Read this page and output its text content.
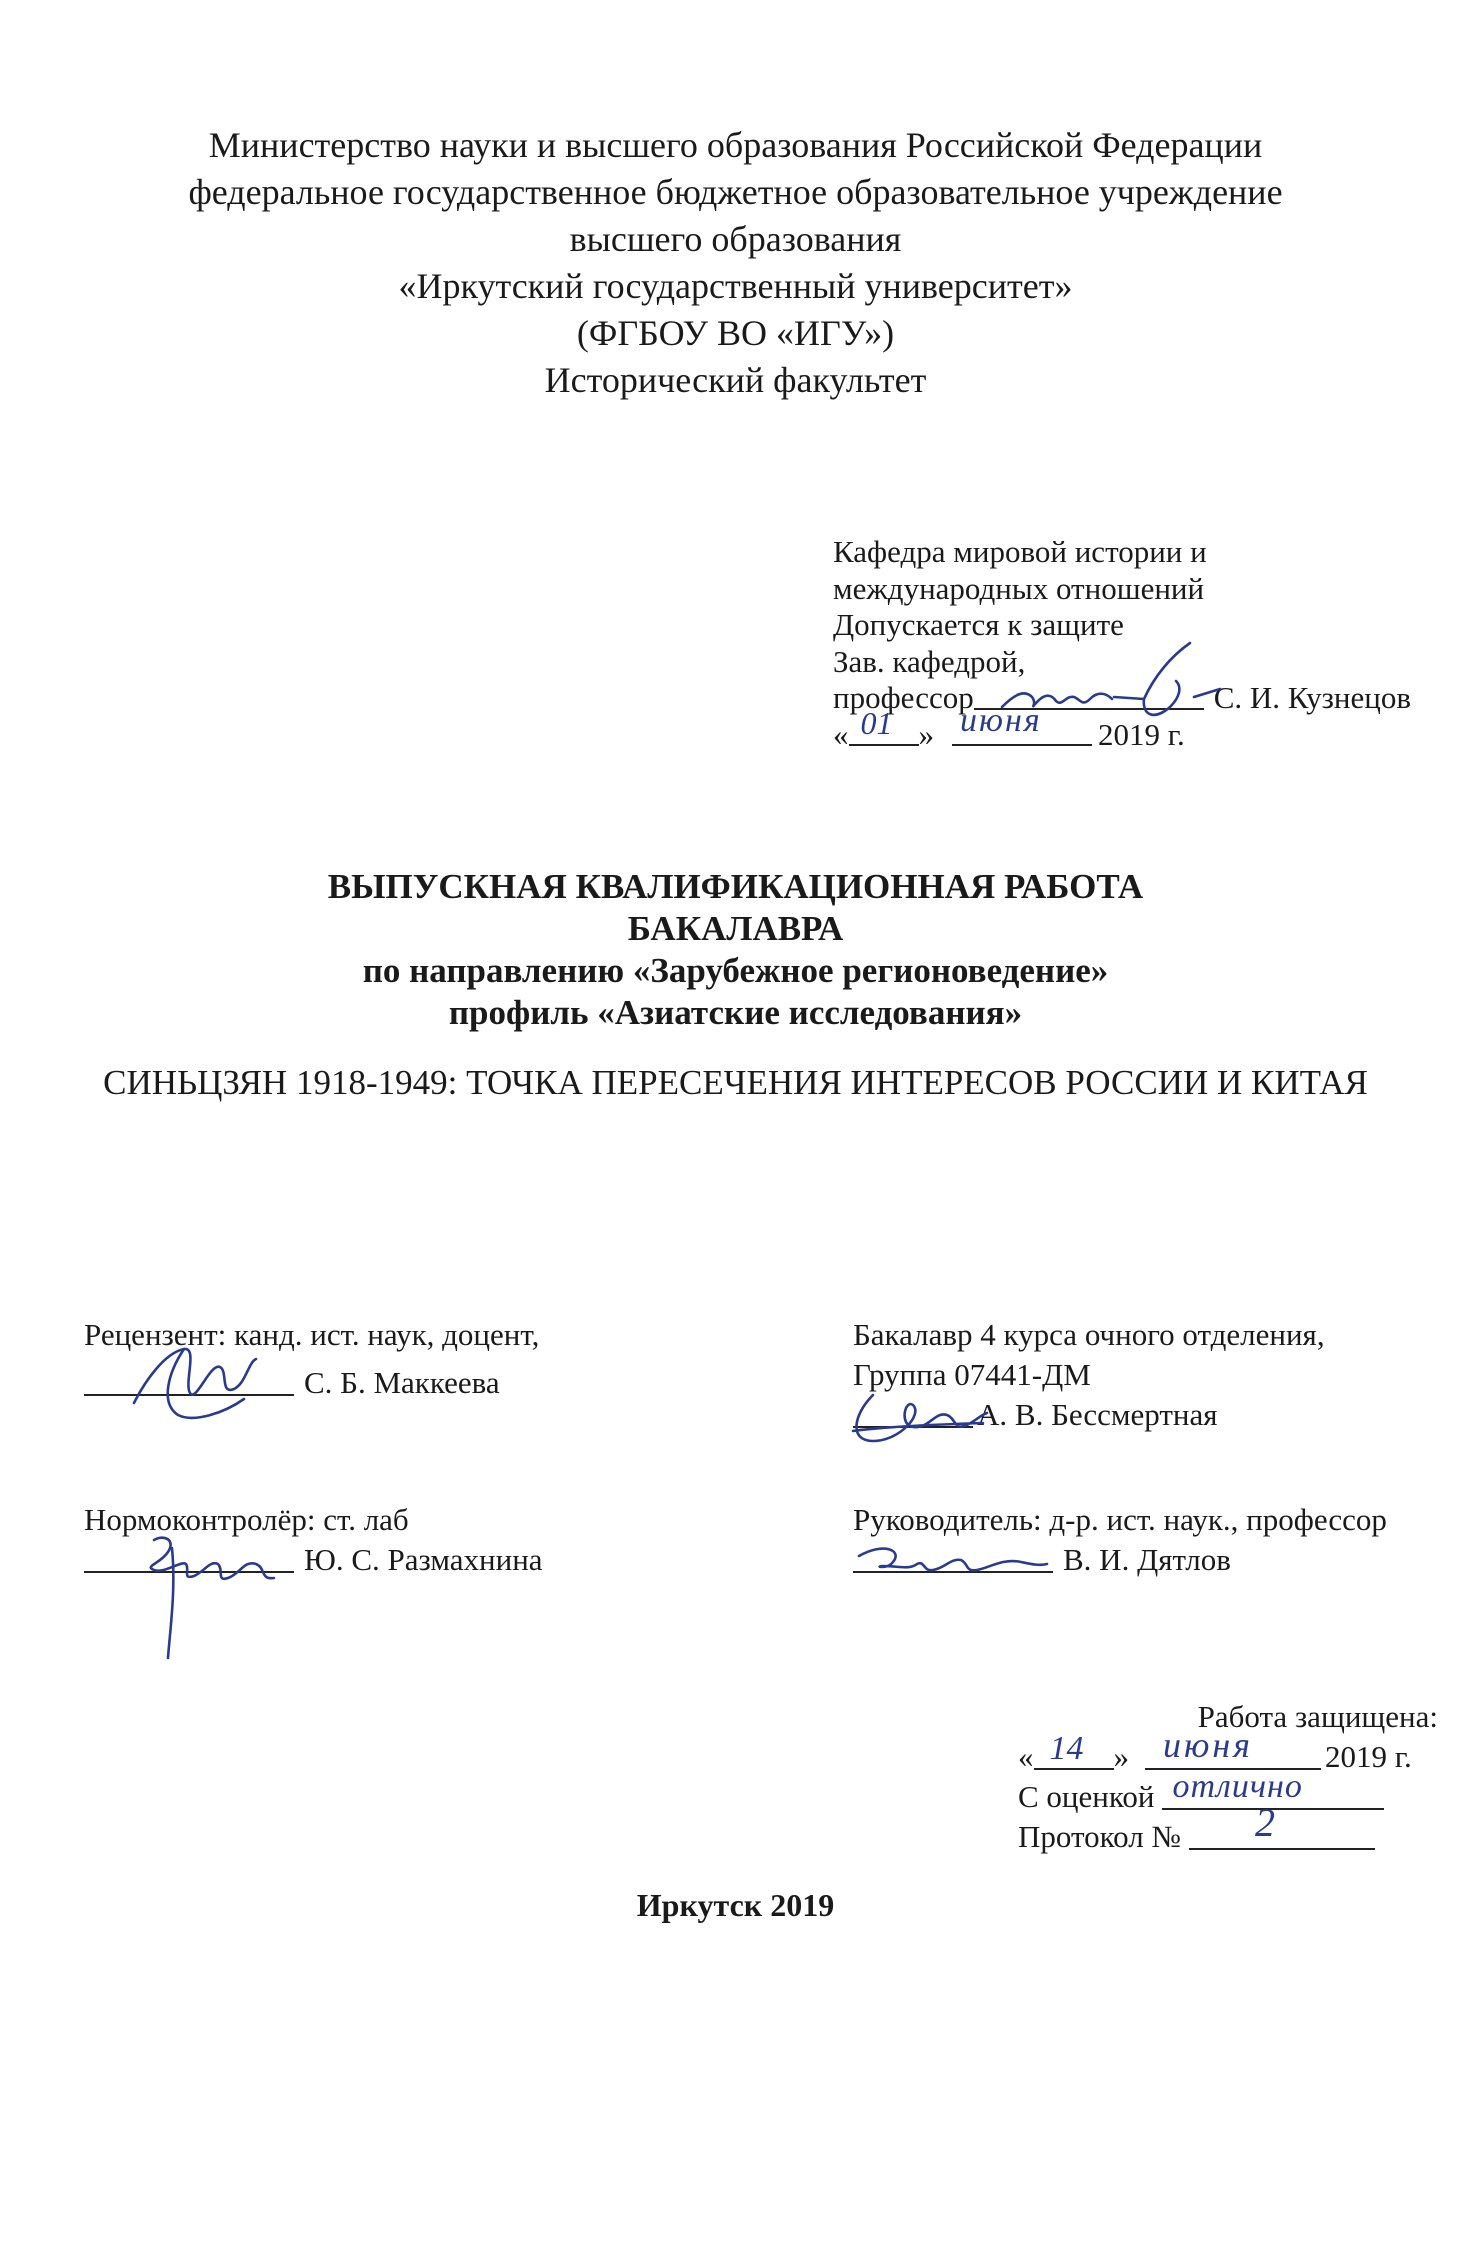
Министерство науки и высшего образования Российской Федерации
федеральное государственное бюджетное образовательное учреждение
высшего образования
«Иркутский государственный университет»
(ФГБОУ ВО «ИГУ»)
Исторический факультет
Кафедра мировой истории и
международных отношений
Допускается к защите
Зав. кафедрой,
профессор	С. И. Кузнецов
« 01 » июня 2019 г.
ВЫПУСКНАЯ КВАЛИФИКАЦИОННАЯ РАБОТА
БАКАЛАВРА
по направлению «Зарубежное регионоведение»
профиль «Азиатские исследования»
СИНЬЦЗЯН 1918-1949: ТОЧКА ПЕРЕСЕЧЕНИЯ ИНТЕРЕСОВ РОССИИ И КИТАЯ
Рецензент: канд. ист. наук, доцент,
С. Б. Маккеева
Бакалавр 4 курса очного отделения,
Группа 07441-ДМ
А. В. Бессмертная
Нормоконтролёр: ст. лаб
Ю. С. Размахнина
Руководитель: д-р. ист. наук., профессор
В. И. Дятлов
Работа защищена:
« 14 » июня 2019 г.
С оценкой отлично
Протокол № 2
Иркутск 2019
